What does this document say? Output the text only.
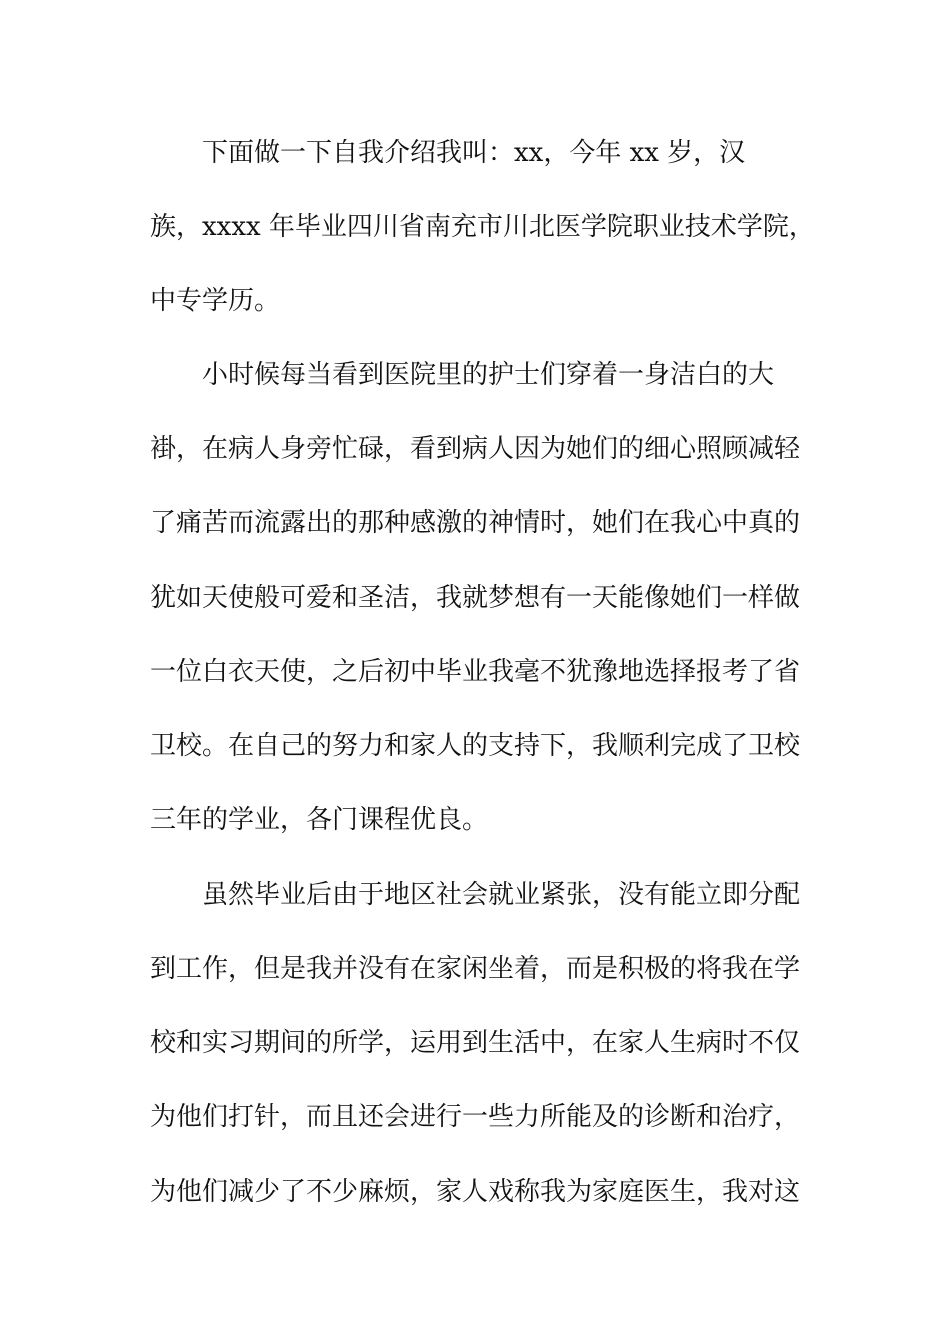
下面做一下自我介绍我叫：xx，今年 xx 岁，汉
族，xxxx 年毕业四川省南充市川北医学院职业技术学院，
中专学历。
小时候每当看到医院里的护士们穿着一身洁白的大
褂，在病人身旁忙碌，看到病人因为她们的细心照顾减轻
了痛苦而流露出的那种感激的神情时，她们在我心中真的
犹如天使般可爱和圣洁，我就梦想有一天能像她们一样做
一位白衣天使，之后初中毕业我毫不犹豫地选择报考了省
卫校。在自己的努力和家人的支持下，我顺利完成了卫校
三年的学业，各门课程优良。
虽然毕业后由于地区社会就业紧张，没有能立即分配
到工作，但是我并没有在家闲坐着，而是积极的将我在学
校和实习期间的所学，运用到生活中，在家人生病时不仅
为他们打针，而且还会进行一些力所能及的诊断和治疗，
为他们减少了不少麻烦，家人戏称我为家庭医生，我对这
